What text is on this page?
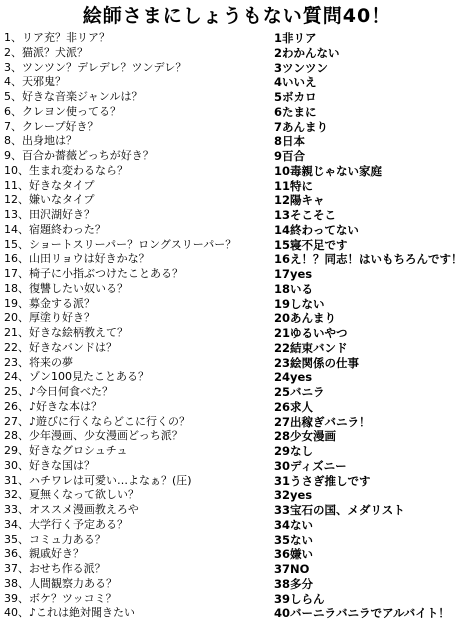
絵師さまにしょうもない質問40！
1、リア充？非リア？	1非リア
2、猫派？犬派？	2わかんない
3、ツンツン？デレデレ？ツンデレ？	3ツンツン
4、天邪鬼？	4いいえ
5、好きな音楽ジャンルは？	5ボカロ
6、クレヨン使ってる？	6たまに
7、クレープ好き？	7あんまり
8、出身地は？	8日本
9、百合か薔薇どっちが好き？	9百合
10、生まれ変わるなら？	10毒親じゃない家庭
11、好きなタイプ	11特に
12、嫌いなタイプ	12陽キャ
13、田沢湖好き？	13そこそこ
14、宿題終わった？	14終わってない
15、ショートスリーパー？ロングスリーパー？	15寝不足です
16、山田リョウは好きかな？	16え！？同志！はいもちろんです！
17、椅子に小指ぶつけたことある？	17yes
18、復讐したい奴いる？	18いる
19、募金する派？	19しない
20、厚塗り好き？	20あんまり
21、好きな絵柄教えて？	21ゆるいやつ
22、好きなバンドは？	22結束バンド
23、将来の夢	23絵関係の仕事
24、ゾン100見たことある？	24yes
25、♪今日何食べた？	25バニラ
26、♪好きな本は？	26求人
27、♪遊びに行くならどこに行くの？	27出稼ぎバニラ！
28、少年漫画、少女漫画どっち派？	28少女漫画
29、好きなグロシュチュ	29なし
30、好きな国は？	30ディズニー
31、ハチワレは可愛い…よなぁ？(圧)	31うさぎ推しです
32、夏無くなって欲しい？	32yes
33、オススメ漫画教えろや	33宝石の国、メダリスト
34、大学行く予定ある？	34ない
35、コミュ力ある？	35ない
36、親戚好き？	36嫌い
37、おせち作る派？	37NO
38、人間観察力ある？	38多分
39、ボケ？ツッコミ？	39しらん
40、♪これは絶対聞きたい	40バーニラバニラでアルバイト！
